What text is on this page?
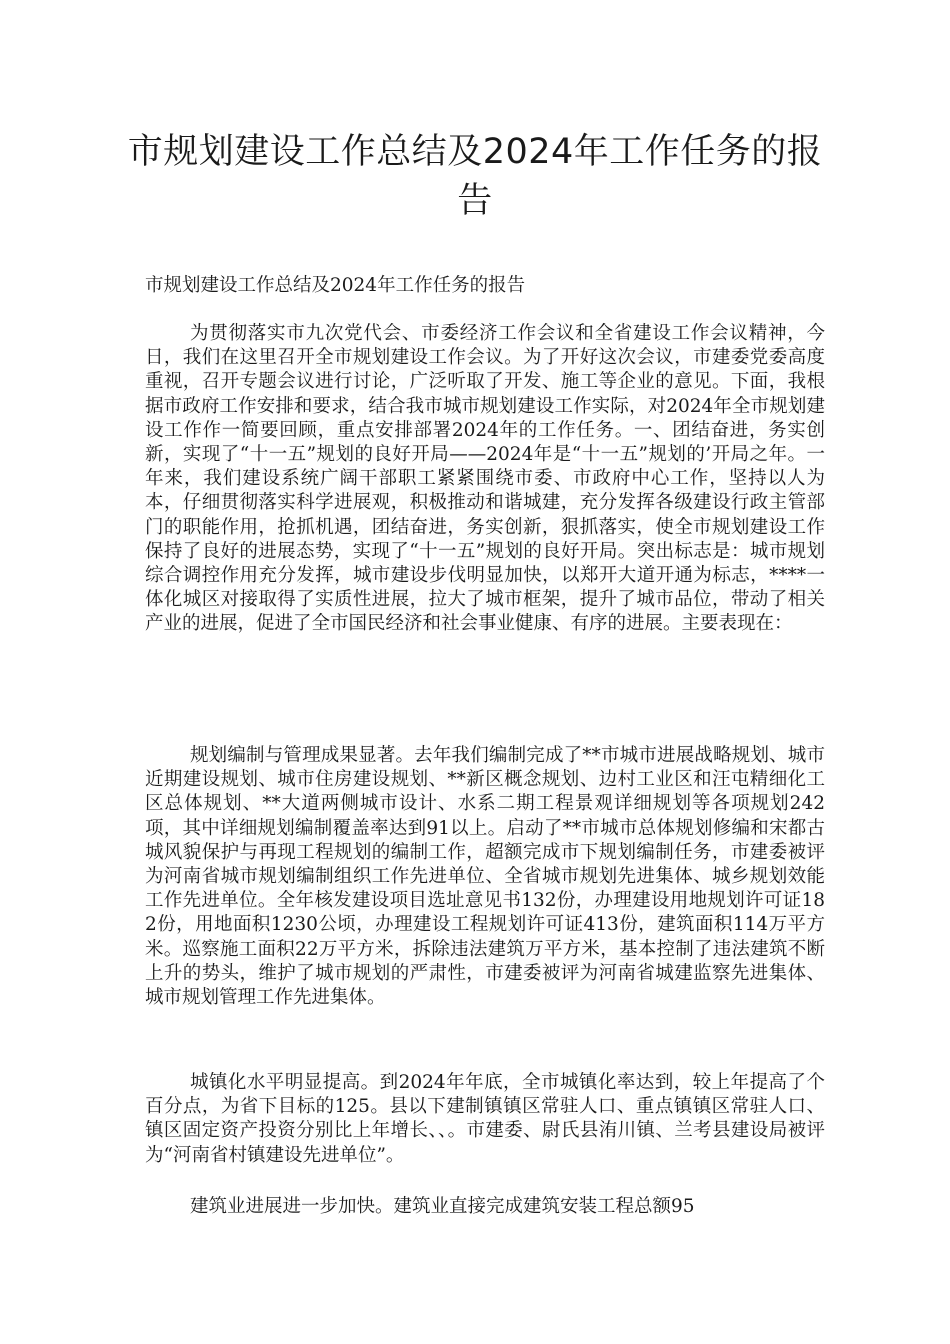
市规划建设工作总结及2024年工作任务的报告

市规划建设工作总结及2024年工作任务的报告

为贯彻落实市九次党代会、市委经济工作会议和全省建设工作会议精神，今日，我们在这里召开全市规划建设工作会议。为了开好这次会议，市建委党委高度重视，召开专题会议进行讨论，广泛听取了开发、施工等企业的意见。下面，我根据市政府工作安排和要求，结合我市城市规划建设工作实际，对2024年全市规划建设工作作一简要回顾，重点安排部署2024年的工作任务。一、团结奋进，务实创新，实现了“十一五”规划的良好开局——2024年是“十一五”规划的’开局之年。一年来，我们建设系统广阔干部职工紧紧围绕市委、市政府中心工作，坚持以人为本，仔细贯彻落实科学进展观，积极推动和谐城建，充分发挥各级建设行政主管部门的职能作用，抢抓机遇，团结奋进，务实创新，狠抓落实，使全市规划建设工作保持了良好的进展态势，实现了“十一五”规划的良好开局。突出标志是：城市规划综合调控作用充分发挥，城市建设步伐明显加快，以郑开大道开通为标志，****一体化城区对接取得了实质性进展，拉大了城市框架，提升了城市品位，带动了相关产业的进展，促进了全市国民经济和社会事业健康、有序的进展。主要表现在：

规划编制与管理成果显著。去年我们编制完成了**市城市进展战略规划、城市近期建设规划、城市住房建设规划、**新区概念规划、边村工业区和汪屯精细化工区总体规划、**大道两侧城市设计、水系二期工程景观详细规划等各项规划242项，其中详细规划编制覆盖率达到91以上。启动了**市城市总体规划修编和宋都古城风貌保护与再现工程规划的编制工作，超额完成市下规划编制任务，市建委被评为河南省城市规划编制组织工作先进单位、全省城市规划先进集体、城乡规划效能工作先进单位。全年核发建设项目选址意见书132份，办理建设用地规划许可证182份，用地面积1230公顷，办理建设工程规划许可证413份，建筑面积114万平方米。巡察施工面积22万平方米，拆除违法建筑万平方米，基本控制了违法建筑不断上升的势头，维护了城市规划的严肃性，市建委被评为河南省城建监察先进集体、城市规划管理工作先进集体。

城镇化水平明显提高。到2024年年底，全市城镇化率达到，较上年提高了个百分点，为省下目标的125。县以下建制镇镇区常驻人口、重点镇镇区常驻人口、镇区固定资产投资分别比上年增长、、。市建委、尉氏县洧川镇、兰考县建设局被评为“河南省村镇建设先进单位”。

建筑业进展进一步加快。建筑业直接完成建筑安装工程总额95
